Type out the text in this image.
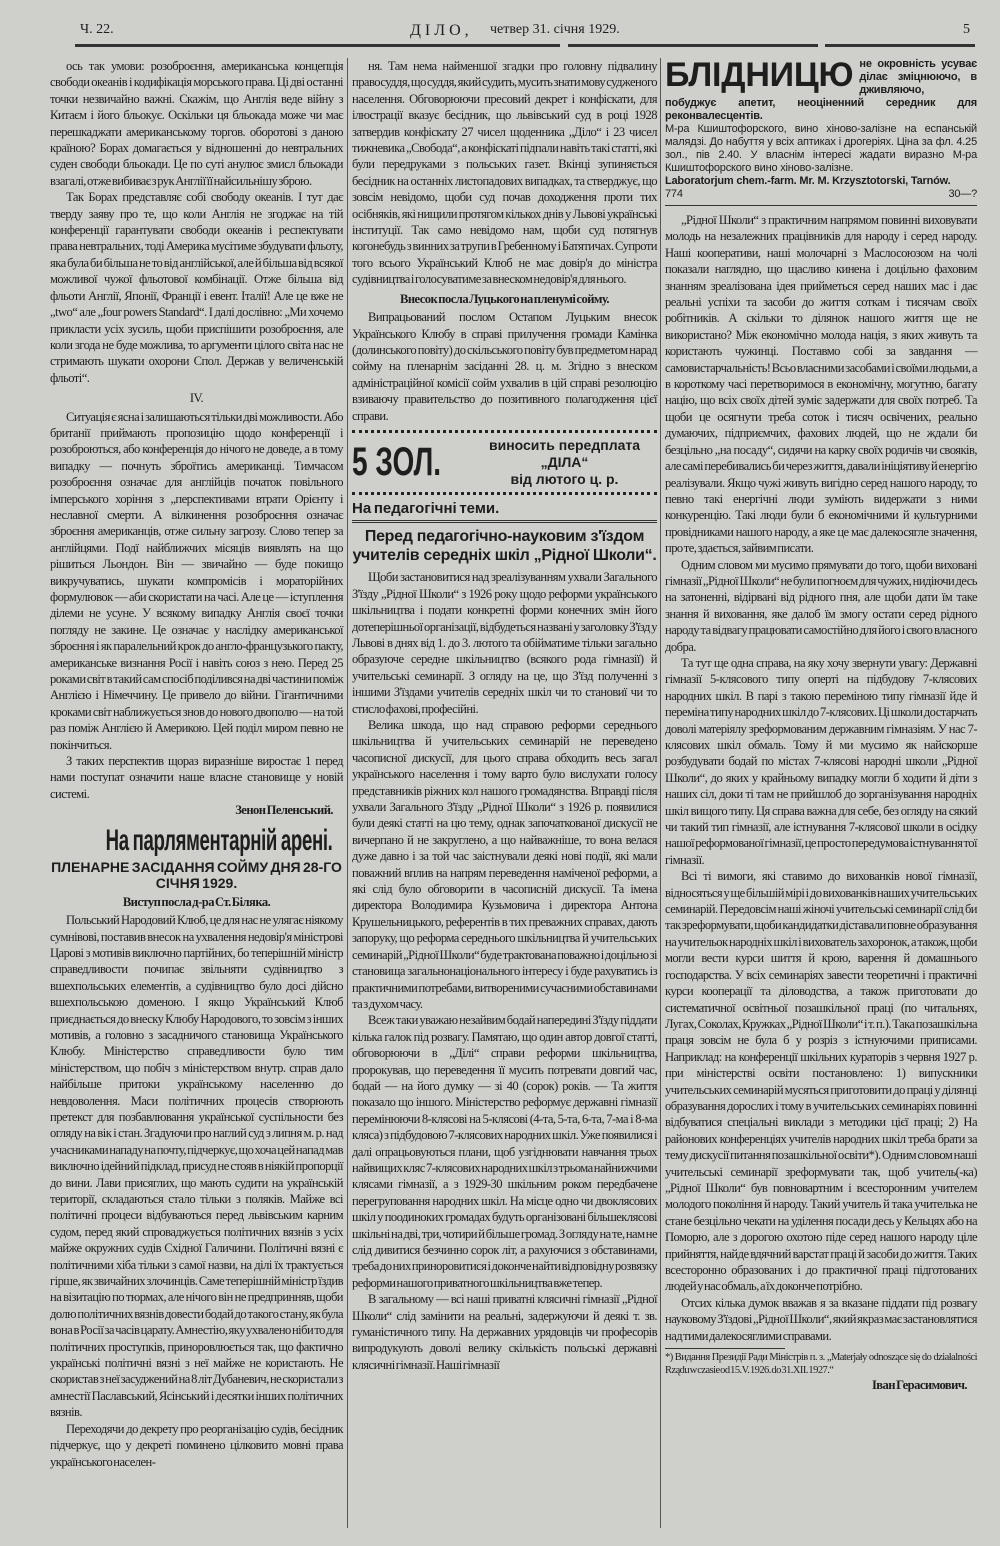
Ч. 22.	ДІЛО, четвер 31. січня 1929.	5

ось так умови: розоброєння, американська концепція свободи океанів і кодифікація морського права. Ці дві останні точки незвичайно важні. Скажім, що Англія веде війну з Китаєм і його бльокує. Оскільки ця бльокада може чи має перешкаджати американському торгов. оборотові з даною країною? Борах домагається у відношенні до невтральних суден свободи бльокади. Це по суті анулює змисл бльокади взагалі, отже вибиває з рук Англії її найсильнішу зброю.

Так Борах представляє собі свободу океанів. І тут дає тверду заяву про те, що коли Англія не згоджає на тій конференції гарантувати свободи океанів і респектувати права невтральних, тоді Америка мусітиме збудувати фльоту, яка була би більша не то від англійської, але й більша від всякої можливої чужої фльотової комбінації. Отже більша від фльоти Англії, Японії, Франції і евент. Італії! Але це вже не „two“ але „four powers Standard“. І далі дослівно: „Ми хочемо прикласти усіх зусиль, щоби приспішити розоброєння, але коли згода не буде можлива, то аргументи цілого світа нас не стримають шукати охорони Спол. Держав у величенській фльоті“.

IV.

Ситуація є ясна і залишаються тільки дві можливости. Або британії приймають пропозицію щодо конференції і розоброються, або конференція до нічого не доведе, а в тому випадку — почнуть зброїтись американці. Тимчасом розоброєння означає для англійців початок повільного імперського хоріння з „перспективами втрати Орієнту і неславної смерти. А вілкинення розоброєння означає зброєння американців, отже сильну загрозу. Слово тепер за англійцями. Подї найближчих місяців виявлять на що рішиться Льондон. Він — звичайно — буде покищо викручуватись, шукати компромісів і мораторійних формулювок — аби скористати на часі. Але це — іступлення ділеми не усуне. У всякому випадку Англія своєї точки погляду не закине. Це означає у наслідку американської зброєння і як паралельний крок до англо-французького пакту, американське визнання Росії і навіть союз з нею. Перед 25 роками світ в такий сам спосіб поділився на дві частини поміж Англією і Німеччину. Це привело до війни. Гігантичними кроками світ наближується знов до нового двополю — на той раз поміж Англією й Америкою. Цей поділ миром певно не покінчиться.

З таких перспектив щораз виразніше виростає 1 перед нами поступат означити наше власне становище у новій системі.

Зенон Пеленський.

На парляментарній арені.
ПЛЕНАРНЕ ЗАСІДАННЯ СОЙМУ ДНЯ 28-ГО СІЧНЯ 1929.
Виступ посла д-ра Ст. Біляка.

Польський Народовий Клюб, це для нас не улягає ніякому сумнівові, поставив внесок на ухвалення недовір'я міністрові Царові з мотивів виключно партійних, бо теперішній міністр справедливости почипає звільняти судівництво з вшехпольських елементів, а судівництво було досі дійсно вшехпольською доменою. І якщо Український Клюб приєднається до внеску Клюбу Народового, то зовсім з інших мотивів, а головно з засадничого становища Українського Клюбу. Міністерство справедливости було тим міністерством, що побіч з міністерством внутр. справ дало найбільше притоки українському населенню до невдоволення. Маси політичних процесів створюють претекст для позбавлювання української суспільности без огляду на вік і стан. Згадуючи про наглий суд з липня м. р. над учасниками нападу на почту, підчеркує, що хоча цей напад мав виключно ідейний підклад, присуд не стояв в ніякій пропорції до вини. Лави присяглих, що мають судити на українській території, складаються стало тільки з поляків. Майже всі політичні процеси відбуваються перед львівським карним судом, перед який спроваджується політичних вязнів з усіх майже окружних судів Східної Галичини. Політичні вязні є політичними хіба тільки з самої назви, на ділі їх трактується гірше, як звичайних злочинців. Саме теперішній міністр їздив на візитацію по тюрмах, але нічого він не предпринняв, щоби долю політичних вязнів довести бодай до такого стану, як була вона в Росії за часів царату. Амнестію, яку ухвалено ніби то для політичних проступків, приноровлюється так, що фактично українські політичні вязні з неї майже не користають. Не скористав з неї засуджений на 8 літ Дубаневич, не скористали з амнестії Паславський, Ясінський і десятки інших політичних вязнів.

Переходячи до декрету про реорганізацію судів, бесідник підчеркує, що у декреті поминено цілковито мовні права українського населен-

ня. Там нема найменшої згадки про головну підвалину правосуддя, що суддя, який судить, мусить знати мову судженого населення. Обговорюючи пресовий декрет і конфіскати, для ілюстрації вказує бесідник, що львівський суд в році 1928 затвердив конфіскату 27 чисел щоденника „Діло“ і 23 чисел тижневика „Свобода“, а конфіскаті підпали навіть такі статті, які були передруками з польських газет. Вкінці зупиняється бесідник на останніх листопадових випадках, та стверджує, що зовсім невідомо, щоби суд почав доходження проти тих осібняків, які нищили протягом кількох днів у Львові українські інституції. Так само невідомо нам, щоби суд потягнув когонебудь з винних за трупи в Гребенному і Батятичах. Супроти того всього Український Клюб не має довір'я до міністра судівництва і голосуватиме за внеском недовір'я для нього.

Внесок посла Луцького на пленумі сойму.

Випрацьований послом Остапом Луцьким внесок Українського Клюбу в справі прилучення громади Камінка (долинського повіту) до скільського повіту був предметом нарад сойму на пленарнім засіданні 28. ц. м. Згідно з внеском адміністраційної комісії сойм ухвалив в цій справі резолюцію взиваючу правительство до позитивного полагодження цієї справи.

5 ЗОЛ.	виносить передплата
„ДІЛА“
від лютого ц. р.
На педагогічні теми.
Перед педагогічно-науковим з'їздом учителів середніх шкіл „Рідної Школи“.

Щоби застановитися над зреалізуванням ухвали Загального З'їзду „Рідної Школи“ з 1926 року щодо реформи українського шкільництва і подати конкретні форми конечних змін його дотеперішньої організації, відбудеться названі у заголовку З'їзд у Львові в днях від 1. до 3. лютого та обійматиме тільки загально образуюче середне шкільництво (всякого рода гімназії) й учительські семинарії. З огляду на це, що З'їзд полученні з іншими З'їздами учителів середніх шкіл чи то становиї чи то стисло фахові, професійні.

Велика шкода, що над справою реформи середнього шкільництва й учительських семинарій не переведено часописної дискусії, для цього справа обходить весь загал українського населення і тому варто було вислухати голосу представників ріжних кол нашого громадянства. Вправді після ухвали Загального З'їзду „Рідної Школи“ з 1926 р. появилися були деякі статті на цю тему, однак започаткованої дискусії не вичерпано й не закруглено, а що найважніше, то вона велася дуже давно і за той час заістнували деякі нові події, які мали поважний вплив на напрям переведення наміченої реформи, а які слід було обговорити в часописній дискусії. Та імена директора Володимира Кузьмовича і директора Антона Крушельницького, референтів в тих преважних справах, дають запоруку, що реформа середнього шкільництва й учительських семинарій „Рідної Школи“ буде трактована поважно і доцільно зі становища загальнонаціонального інтересу і буде рахуватись із практичними потребами, витвореними сучасними обставинами та з духом часу.

Всеж таки уважаю незайвим бодай напередині З'їзду піддати кілька галок під розвагу. Памятаю, що один автор довгої статті, обговорюючи в „Ділі“ справи реформи шкільництва, пророкував, що переведення її мусить потревати довгий час, бодай — на його думку — зі 40 (сорок) років. — Та життя показало що іншого. Міністерство реформує державні гімназії перемінюючи 8-клясові на 5-клясові (4-та, 5-та, 6-та, 7-ма і 8-ма кляса) з підбудовою 7-клясових народних шкіл. Уже появилися і далі опрацьовуються плани, щоб узгіднювати навчання трьох найвищих кляс 7-клясових народних шкіл з трьома найнижчими клясами гімназії, а з 1929-30 шкільним роком передбачене перегруповання народних шкіл. На місце одно чи двоклясових шкіл у поодиноких громадах будуть організовані більшеклясові шкільні на дві, три, чотири й більше громад. З огляду на те, нам не слід дивитися безчинно сорок літ, а рахуючися з обставинами, треба до них приноровитися і доконче найти відповідну розвязку реформи нашого приватного шкільництва вже тепер.

В загальному — всі наші приватні клясичні гімназії „Рідної Школи“ слід замінити на реальні, задержуючи й деякі т. зв. гуманістичного типу. На державних урядовців чи професорів випродукують доволі велику скількість польські державні клясичні гімназії. Наші гімназії

БЛІДНИЦЮ не окровність усуває ділає зміцнюючо, в дживляючо, побуджує апетит, неоціненний середник для реконвалесцентів.
М-ра Кшиштофорского, вино хіново-залізне на еспанській малядзі. До набуття у всіх аптиках і дрогеріях. Ціна за фл. 4.25 зол., пів 2.40. У власнім інтересі жадати виразно М-ра Кшиштофорского вино хіново-залізне.
Laboratorjum chem.-farm. Mr. M. Krzysztotorski, Tarnów.
774	30—?

„Рідної Школи“ з практичним напрямом повинні виховувати молодь на незалежних працівників для народу і серед народу. Наші кооперативи, наші молочарні з Маслосоюзом на чолі показали наглядно, що щасливо кинена і доцільно фаховим знанням зреалізована ідея прийметься серед наших мас і дає реальні успіхи та засоби до життя соткам і тисячам своїх робітників. А скільки то ділянок нашого життя ще не використано? Між економічно молода нація, з яких живуть та користають чужинці. Поставмо собі за завдання — самовистарчальність! Всьо власними засобами і своїми людьми, а в короткому часі перетворимося в економічну, могутню, багату націю, що всіх своїх дітей зуміє задержати для своїх потреб. Та щоби це осягнути треба соток і тисяч освічених, реально думаючих, підприємчих, фахових людей, що не ждали би безцільно „на посаду“, сидячи на карку своїх родичів чи свояків, але самі перебивались би через життя, давали ініціятиву й енергію реалізували. Якщо чужі живуть вигідно серед нашого народу, то певно такі енергічні люди зуміють видержати з ними конкуренцію. Такі люди були б економічними й культурними провідниками нашого народу, а яке це має далекосягле значення, про те, здається, зайвим писати.

Одним словом ми мусимо прямувати до того, щоби виховані гімназії „Рідної Школи“ не були погноєм для чужих, нидіючи десь на затоненні, відірвані від рідного пня, але щоби дати їм таке знання й виховання, яке далоб їм змогу остати серед рідного народу та відвагу працювати самостійно для його і свого власного добра.

Та тут ще одна справа, на яку хочу звернути увагу: Державні гімназії 5-клясового типу оперті на підбудову 7-клясових народних шкіл. В парі з такою переміною типу гімназії йде й переміна типу народних шкіл до 7-клясових. Ці школи достарчать доволі матеріялу зреформованим державним гімназіям. У нас 7-клясових шкіл обмаль. Тому й ми мусимо як найскорше розбудувати бодай по містах 7-клясові народні школи „Рідної Школи“, до яких у крайньому випадку могли б ходити й діти з наших сіл, доки ті там не прийшлоб до зорганізування народніх шкіл вищого типу. Ця справа важна для себе, без огляду на сякий чи такий тип гімназії, але істнування 7-клясової школи в осідку нашої реформованої гімназії, це просто передумова істнування тої гімназії.

Всі ті вимоги, які ставимо до вихованків нової гімназії, відносяться у ще більшій мірі і до вихованків наших учительських семинарій. Передовсім наші жіночі учительські семинарії слід би так зреформувати, щоби кандидатки діставали повне образування на учительок народніх шкіл і вихователь захоронок, а також, щоби могли вести курси шиття й крою, варення й домашнього господарства. У всіх семинаріях завести теоретичні і практичні курси кооперації та діловодства, а також приготовати до систематичної освітньої позашкільної праці (по читальнях, Лугах, Соколах, Кружках „Рідної Школи“ і т. п.). Така позашкільна праця зовсім не була б у розріз з істнуючими приписами. Наприклад: на конференції шкільних кураторів з червня 1927 р. при міністерстві освіти постановлено: 1) випускники учительських семинарій мусяться приготовити до праці у ділянці образування дорослих і тому в учительських семинаріях повинні відбуватися спеціальні виклади з методики цієї праці; 2) На районових конференціях учителів народних шкіл треба брати за тему дискусії питання позашкільної освіти*). Одним словом наші учительські семинарії зреформувати так, щоб учитель(-ка) „Рідної Школи“ був повновартним і всесторонним учителем молодого покоління й народу. Такий учитель й така учителька не стане безцільно чекати на уділення посади десь у Кельцях або на Поморю, але з дорогою охотою піде серед нашого народу ціле прийняття, найде вдячний варстат праці й засоби до життя. Таких всесторонно образованих і до практичної праці підготованих людей у нас обмаль, а їх доконче потрібно.

Отсих кілька думок вважав я за вказане піддати під розвагу науковому З'їздові „Рідної Школи“, який якраз має застановлятися над тими далекосяглими справами.

*) Видання Президії Ради Міністрів п. з. „Materjały odnoszące się do działalności Rządu w czasie od 15.V. 1926. do 31.XII. 1927.“

Іван Герасимович.
